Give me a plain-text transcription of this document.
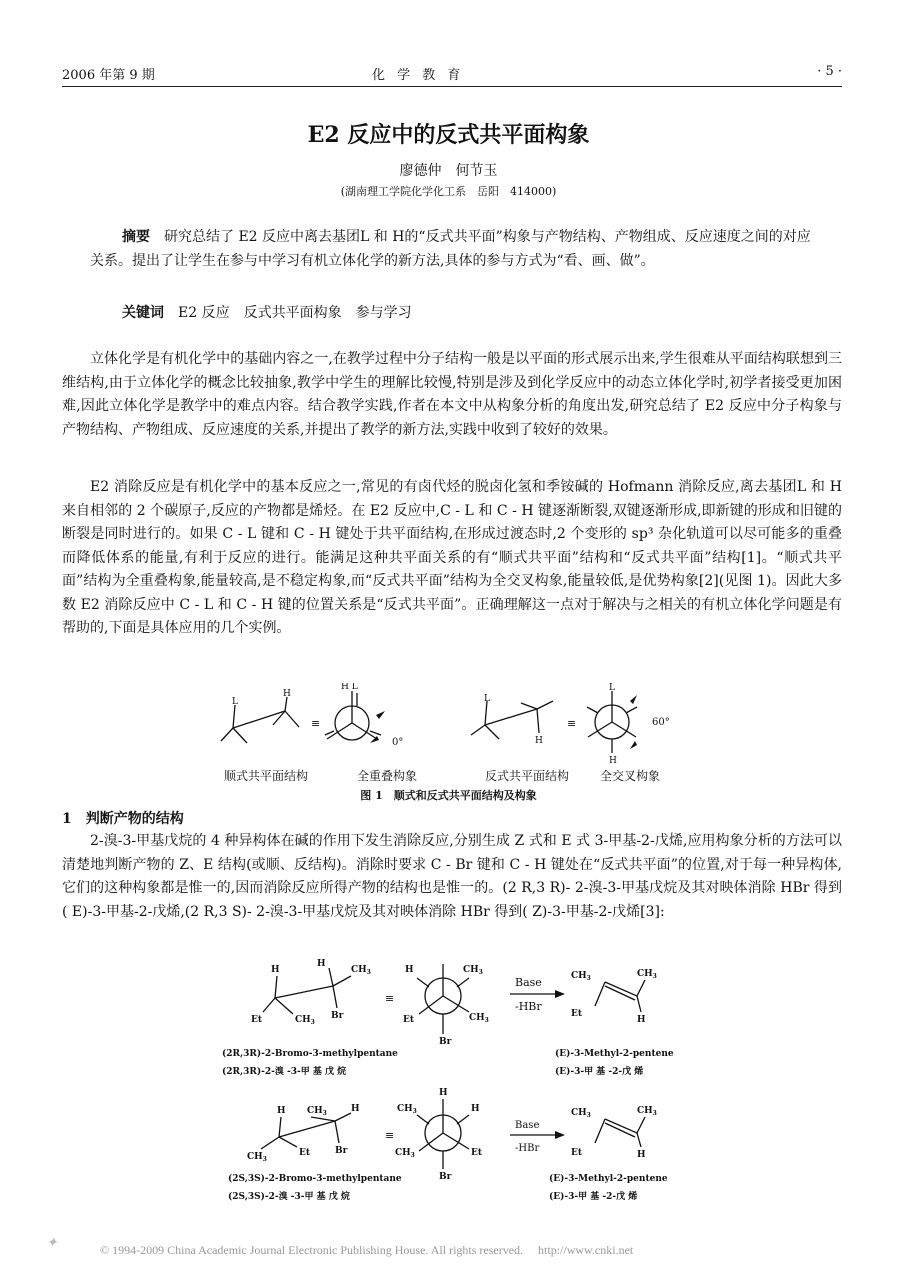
2006 年第 9 期	化 学 教 育	· 5 ·
E2 反应中的反式共平面构象
廖德仲　何节玉
(湖南理工学院化学化工系　岳阳　414000)

摘要　 研究总结了 E2 反应中离去基团L 和 H的“反式共平面”构象与产物结构、产物组成、反应速度之间的对应关系。提出了让学生在参与中学习有机立体化学的新方法,具体的参与方式为“看、画、做”。

关键词　 E2 反应　反式共平面构象　参与学习

立体化学是有机化学中的基础内容之一,在教学过程中分子结构一般是以平面的形式展示出来,学生很难从平面结构联想到三维结构,由于立体化学的概念比较抽象,教学中学生的理解比较慢,特别是涉及到化学反应中的动态立体化学时,初学者接受更加困难,因此立体化学是教学中的难点内容。结合教学实践,作者在本文中从构象分析的角度出发,研究总结了 E2 反应中分子构象与产物结构、产物组成、反应速度的关系,并提出了教学的新方法,实践中收到了较好的效果。

E2 消除反应是有机化学中的基本反应之一,常见的有卤代烃的脱卤化氢和季铵碱的 Hofmann 消除反应,离去基团L 和 H来自相邻的 2 个碳原子,反应的产物都是烯烃。在 E2 反应中,C - L 和 C - H 键逐渐断裂,双键逐渐形成,即新键的形成和旧键的断裂是同时进行的。如果 C - L 键和 C - H 键处于共平面结构,在形成过渡态时,2 个变形的 sp³ 杂化轨道可以尽可能多的重叠而降低体系的能量,有利于反应的进行。能满足这种共平面关系的有“顺式共平面”结构和“反式共平面”结构[1]。“顺式共平面”结构为全重叠构象,能量较高,是不稳定构象,而“反式共平面”结构为全交叉构象,能量较低,是优势构象[2](见图 1)。因此大多数 E2 消除反应中 C - L 和 C - H 键的位置关系是“反式共平面”。正确理解这一点对于解决与之相关的有机立体化学问题是有帮助的,下面是具体应用的几个实例。

L
H
H L
L
H
L
H
≡	≡
0°
60°
顺式共平面结构	全重叠构象	反式共平面结构	全交叉构象
图 1　顺式和反式共平面结构及构象
1　判断产物的结构

2-溴-3-甲基戊烷的 4 种异构体在碱的作用下发生消除反应,分别生成 Z 式和 E 式 3-甲基-2-戊烯,应用构象分析的方法可以清楚地判断产物的 Z、E 结构(或顺、反结构)。消除时要求 C - Br 键和 C - H 键处在“反式共平面”的位置,对于每一种异构体,它们的这种构象都是惟一的,因而消除反应所得产物的结构也是惟一的。(2 R,3 R)- 2-溴-3-甲基戊烷及其对映体消除 HBr 得到( E)-3-甲基-2-戊烯,(2 R,3 S)- 2-溴-3-甲基戊烷及其对映体消除 HBr 得到( Z)-3-甲基-2-戊烯[3]:

H
H
$CH_3$
Et	$CH_3$
Br
H	$CH_3$
Et	$CH_3$
Br
$CH_3$	$CH_3$
Et
H
≡
Base
-HBr
(2R,3R)-2-Bromo-3-methylpentane
(2R,3R)-2-溴 -3-甲 基 戊 烷
(E)-3-Methyl-2-pentene
(E)-3-甲 基 -2-戊 烯
H $CH_3$	H
$CH_3$
Et	Br
H
$CH_3$	H
$CH_3$	Et
Br
$CH_3$	$CH_3$
Et	H
≡
Base
-HBr
(2S,3S)-2-Bromo-3-methylpentane
(2S,3S)-2-溴 -3-甲 基 戊 烷
(E)-3-Methyl-2-pentene
(E)-3-甲 基 -2-戊 烯
✦	© 1994-2009 China Academic Journal Electronic Publishing House. All rights reserved.　 http://www.cnki.net
